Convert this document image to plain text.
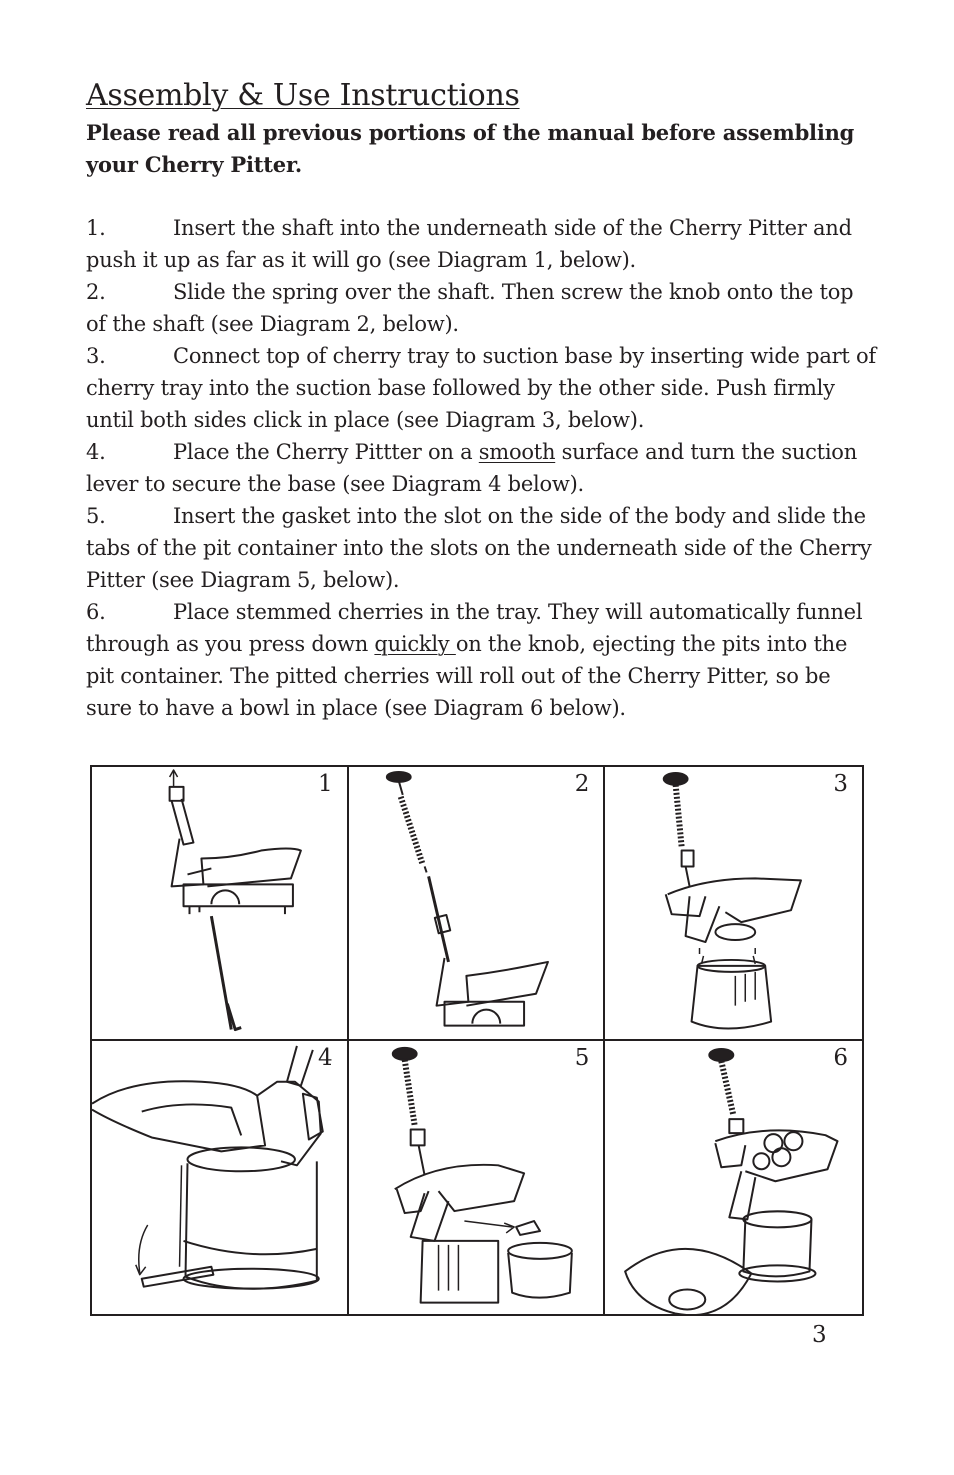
Assembly & Use Instructions

Please read all previous portions of the manual before assembling your Cherry Pitter.

1.	Insert the shaft into the underneath side of the Cherry Pitter and push it up as far as it will go (see Diagram 1, below).

2.	Slide the spring over the shaft. Then screw the knob onto the top of the shaft (see Diagram 2, below).

3.	Connect top of cherry tray to suction base by inserting wide part of cherry tray into the suction base followed by the other side. Push firmly until both sides click in place (see Diagram 3, below).

4.	Place the Cherry Pittter on a smooth surface and turn the suction lever to secure the base (see Diagram 4 below).

5.	Insert the gasket into the slot on the side of the body and slide the tabs of the pit container into the slots on the underneath side of the Cherry Pitter (see Diagram 5, below).

6.	Place stemmed cherries in the tray. They will automatically funnel through as you press down quickly on the knob, ejecting the pits into the pit container. The pitted cherries will roll out of the Cherry Pitter, so be sure to have a bowl in place (see Diagram 6 below).

1	2	3
4	5	6
3
